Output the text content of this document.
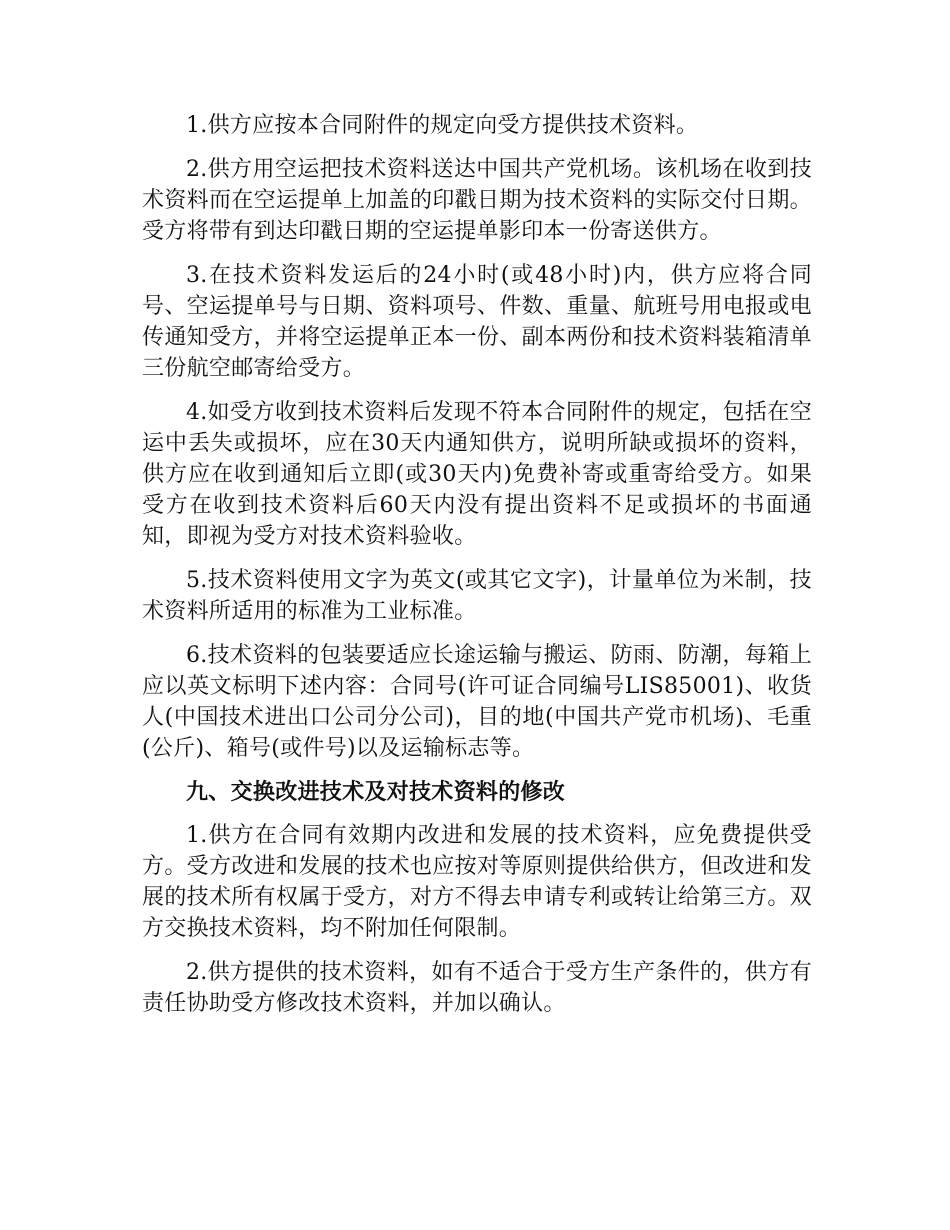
1.供方应按本合同附件的规定向受方提供技术资料。

2.供方用空运把技术资料送达中国共产党机场。该机场在收到技术资料而在空运提单上加盖的印戳日期为技术资料的实际交付日期。受方将带有到达印戳日期的空运提单影印本一份寄送供方。

3.在技术资料发运后的24小时(或48小时)内，供方应将合同号、空运提单号与日期、资料项号、件数、重量、航班号用电报或电传通知受方，并将空运提单正本一份、副本两份和技术资料装箱清单三份航空邮寄给受方。

4.如受方收到技术资料后发现不符本合同附件的规定，包括在空运中丢失或损坏，应在30天内通知供方，说明所缺或损坏的资料，供方应在收到通知后立即(或30天内)免费补寄或重寄给受方。如果受方在收到技术资料后60天内没有提出资料不足或损坏的书面通知，即视为受方对技术资料验收。

5.技术资料使用文字为英文(或其它文字)，计量单位为米制，技术资料所适用的标准为工业标准。

6.技术资料的包装要适应长途运输与搬运、防雨、防潮，每箱上应以英文标明下述内容：合同号(许可证合同编号LIS85001)、收货人(中国技术进出口公司分公司)，目的地(中国共产党市机场)、毛重(公斤)、箱号(或件号)以及运输标志等。

九、交换改进技术及对技术资料的修改

1.供方在合同有效期内改进和发展的技术资料，应免费提供受方。受方改进和发展的技术也应按对等原则提供给供方，但改进和发展的技术所有权属于受方，对方不得去申请专利或转让给第三方。双方交换技术资料，均不附加任何限制。

2.供方提供的技术资料，如有不适合于受方生产条件的，供方有责任协助受方修改技术资料，并加以确认。
